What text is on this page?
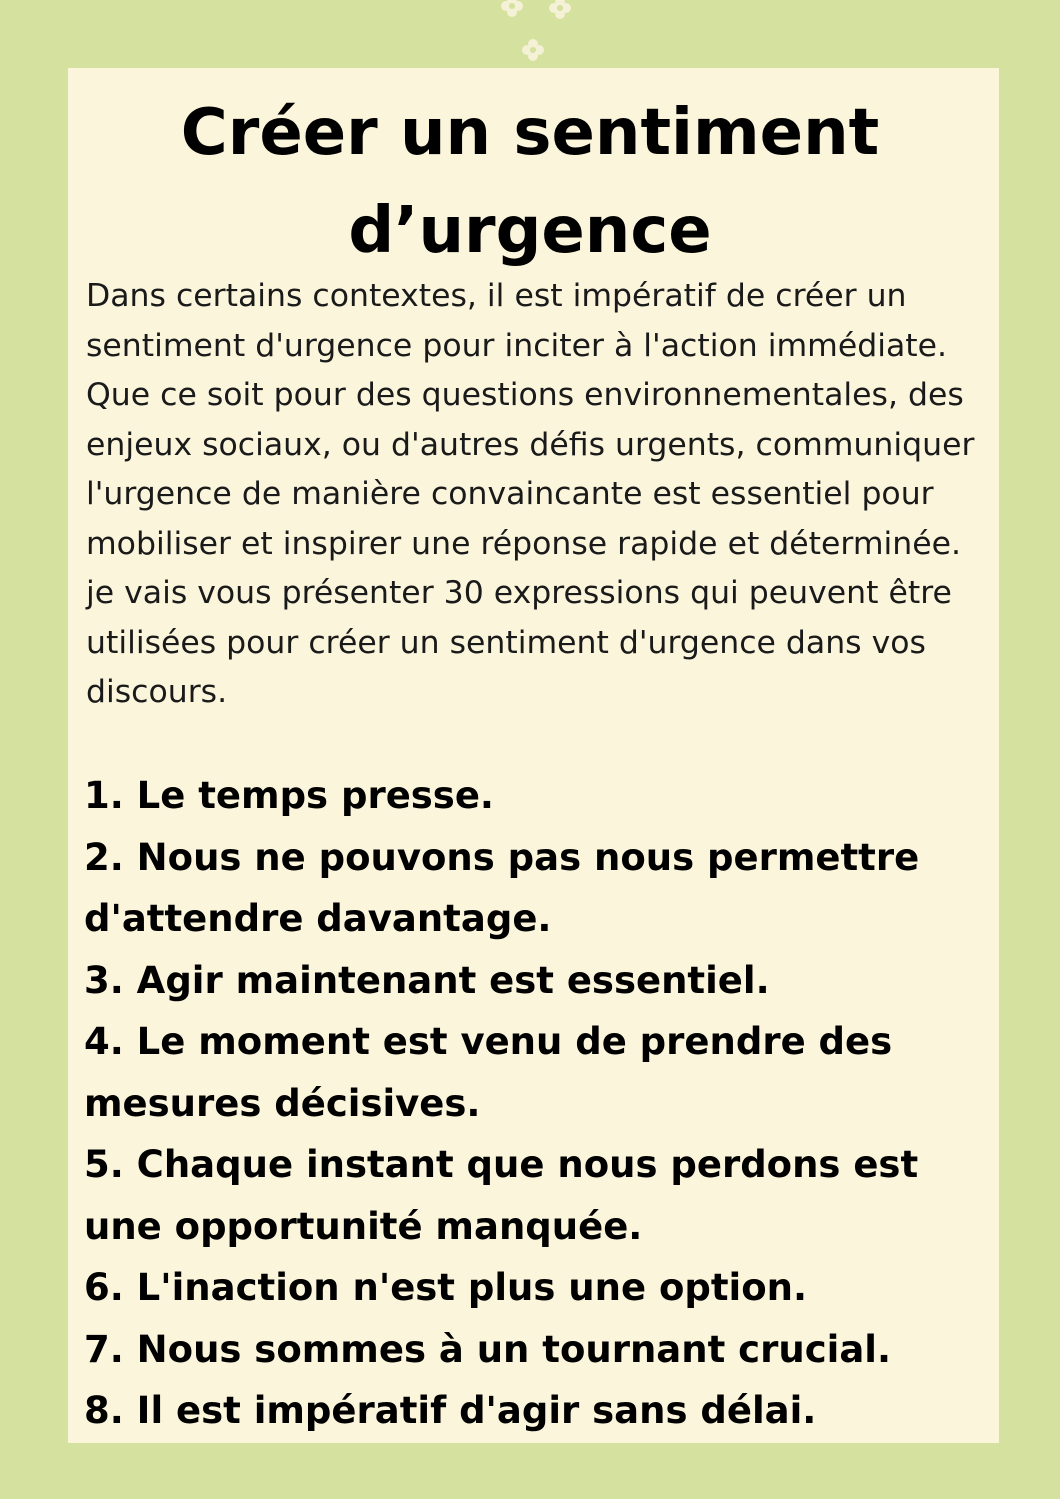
Créer un sentiment
d’urgence

Dans certains contextes, il est impératif de créer un sentiment d'urgence pour inciter à l'action immédiate. Que ce soit pour des questions environnementales, des enjeux sociaux, ou d'autres défis urgents, communiquer l'urgence de manière convaincante est essentiel pour mobiliser et inspirer une réponse rapide et déterminée.

je vais vous présenter 30 expressions qui peuvent être utilisées pour créer un sentiment d'urgence dans vos discours.

1. Le temps presse.
2. Nous ne pouvons pas nous permettre d'attendre davantage.
3. Agir maintenant est essentiel.
4. Le moment est venu de prendre des mesures décisives.
5. Chaque instant que nous perdons est une opportunité manquée.
6. L'inaction n'est plus une option.
7. Nous sommes à un tournant crucial.
8. Il est impératif d'agir sans délai.
